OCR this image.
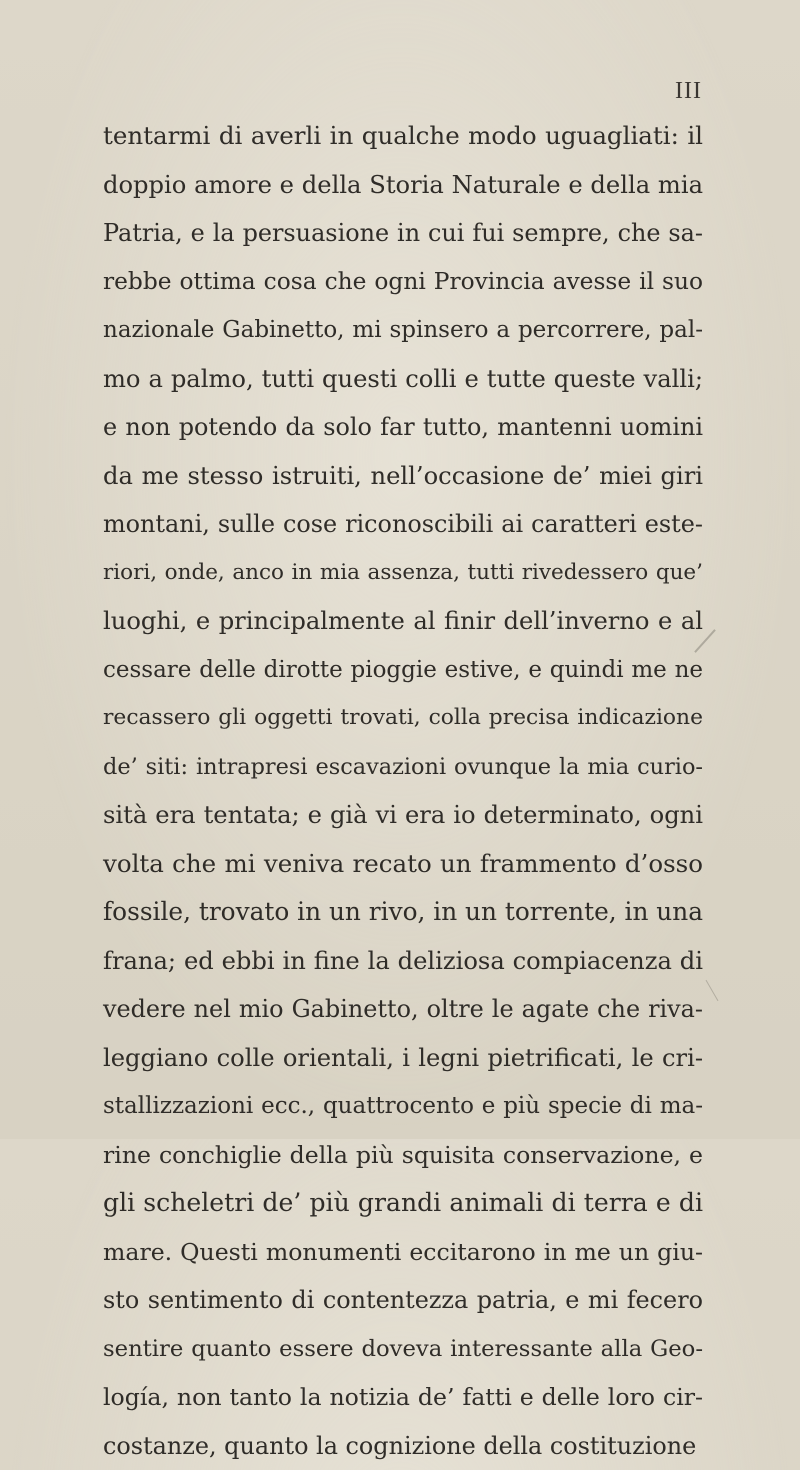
III
tentarmi di averli in qualche modo uguagliati: il
doppio amore e della Storia Naturale e della mia
Patria, e la persuasione in cui fui sempre, che sa-
rebbe ottima cosa che ogni Provincia avesse il suo
nazionale Gabinetto, mi spinsero a percorrere, pal-
mo a palmo, tutti questi colli e tutte queste valli;
e non potendo da solo far tutto, mantenni uomini
da me stesso istruiti, nell’occasione de’ miei giri
montani, sulle cose riconoscibili ai caratteri este-
riori, onde, anco in mia assenza, tutti rivedessero que’
luoghi, e principalmente al finir dell’inverno e al
cessare delle dirotte pioggie estive, e quindi me ne
recassero gli oggetti trovati, colla precisa indicazione
de’ siti: intrapresi escavazioni ovunque la mia curio-
sità era tentata; e già vi era io determinato, ogni
volta che mi veniva recato un frammento d’osso
fossile, trovato in un rivo, in un torrente, in una
frana; ed ebbi in fine la deliziosa compiacenza di
vedere nel mio Gabinetto, oltre le agate che riva-
leggiano colle orientali, i legni pietrificati, le cri-
stallizzazioni ecc., quattrocento e più specie di ma-
rine conchiglie della più squisita conservazione, e
gli scheletri de’ più grandi animali di terra e di
mare. Questi monumenti eccitarono in me un giu-
sto sentimento di contentezza patria, e mi fecero
sentire quanto essere doveva interessante alla Geo-
logía, non tanto la notizia de’ fatti e delle loro cir-
costanze, quanto la cognizione della costituzione
